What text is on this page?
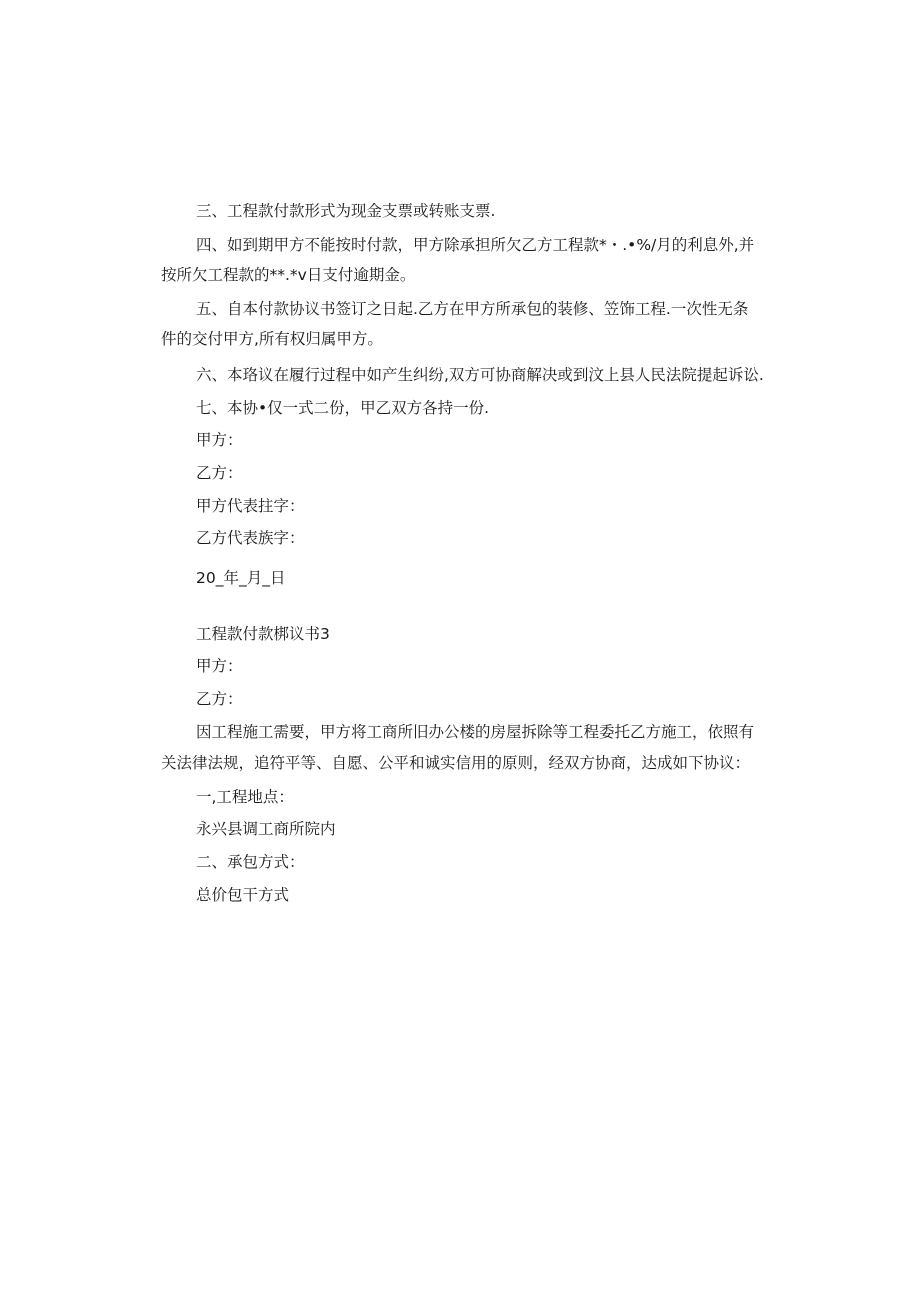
三、工程款付款形式为现金支票或转账支票.
四、如到期甲方不能按时付款，甲方除承担所欠乙方工程款*・.•%/月的利息外,并
按所欠工程款的**.*v日支付逾期金。
五、自本付款协议书签订之日起.乙方在甲方所承包的装修、笠饰工程.一次性无条
件的交付甲方,所有权归属甲方。
六、本珞议在履行过程中如产生纠纷,双方可协商解决或到汶上县人民法院提起诉讼.
七、本协•仅一式二份，甲乙双方各持一份.
甲方：
乙方：
甲方代表拄字：
乙方代表族字：
20_年_月_日
工程款付款梆议书3
甲方：
乙方：
因工程施工需要，甲方将工商所旧办公楼的房屋拆除等工程委托乙方施工，依照有
关法律法规，追符平等、自愿、公平和诚实信用的原则，经双方协商，达成如下协议：
一,工程地点：
永兴县调工商所院内
二、承包方式：
总价包干方式
